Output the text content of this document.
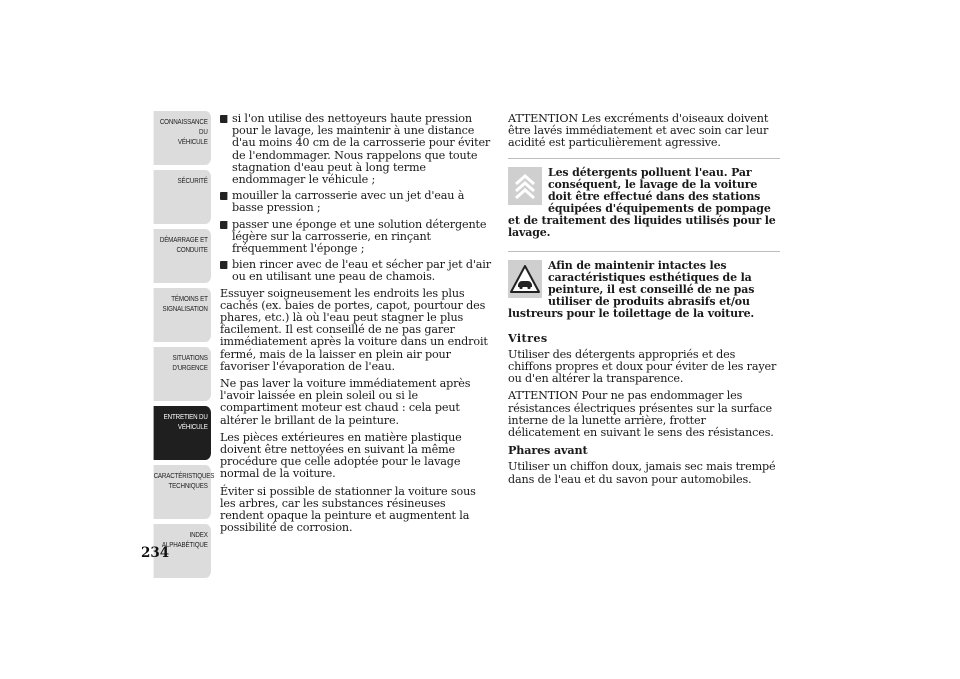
CONNAISSANCE DU
VÉHICULE
SÉCURITÉ
DÉMARRAGE ET
CONDUITE
TÉMOINS ET
SIGNALISATION
SITUATIONS
D'URGENCE
ENTRETIEN DU
VÉHICULE
CARACTÉRISTIQUES
TECHNIQUES
INDEX
ALPHABÉTIQUE
234
si l'on utilise des nettoyeurs haute pression pour le lavage, les maintenir à une distance d'au moins 40 cm de la carrosserie pour éviter de l'endommager. Nous rappelons que toute stagnation d'eau peut à long terme endommager le véhicule ;
mouiller la carrosserie avec un jet d'eau à basse pression ;
passer une éponge et une solution détergente légère sur la carrosserie, en rinçant fréquemment l'éponge ;
bien rincer avec de l'eau et sécher par jet d'air ou en utilisant une peau de chamois.

Essuyer soigneusement les endroits les plus cachés (ex. baies de portes, capot, pourtour des phares, etc.) là où l'eau peut stagner le plus facilement. Il est conseillé de ne pas garer immédiatement après la voiture dans un endroit fermé, mais de la laisser en plein air pour favoriser l'évaporation de l'eau.

Ne pas laver la voiture immédiatement après l'avoir laissée en plein soleil ou si le compartiment moteur est chaud : cela peut altérer le brillant de la peinture.

Les pièces extérieures en matière plastique doivent être nettoyées en suivant la même procédure que celle adoptée pour le lavage normal de la voiture.

Éviter si possible de stationner la voiture sous les arbres, car les substances résineuses rendent opaque la peinture et augmentent la possibilité de corrosion.

ATTENTION Les excréments d'oiseaux doivent être lavés immédiatement et avec soin car leur acidité est particulièrement agressive.

Les détergents polluent l'eau. Par conséquent, le lavage de la voiture doit être effectué dans des stations équipées d'équipements de pompage et de traitement des liquides utilisés pour le lavage.
Afin de maintenir intactes les caractéristiques esthétiques de la peinture, il est conseillé de ne pas utiliser de produits abrasifs et/ou lustreurs pour le toilettage de la voiture.

Vitres

Utiliser des détergents appropriés et des chiffons propres et doux pour éviter de les rayer ou d'en altérer la transparence.

ATTENTION Pour ne pas endommager les résistances électriques présentes sur la surface interne de la lunette arrière, frotter délicatement en suivant le sens des résistances.

Phares avant

Utiliser un chiffon doux, jamais sec mais trempé dans de l'eau et du savon pour automobiles.
